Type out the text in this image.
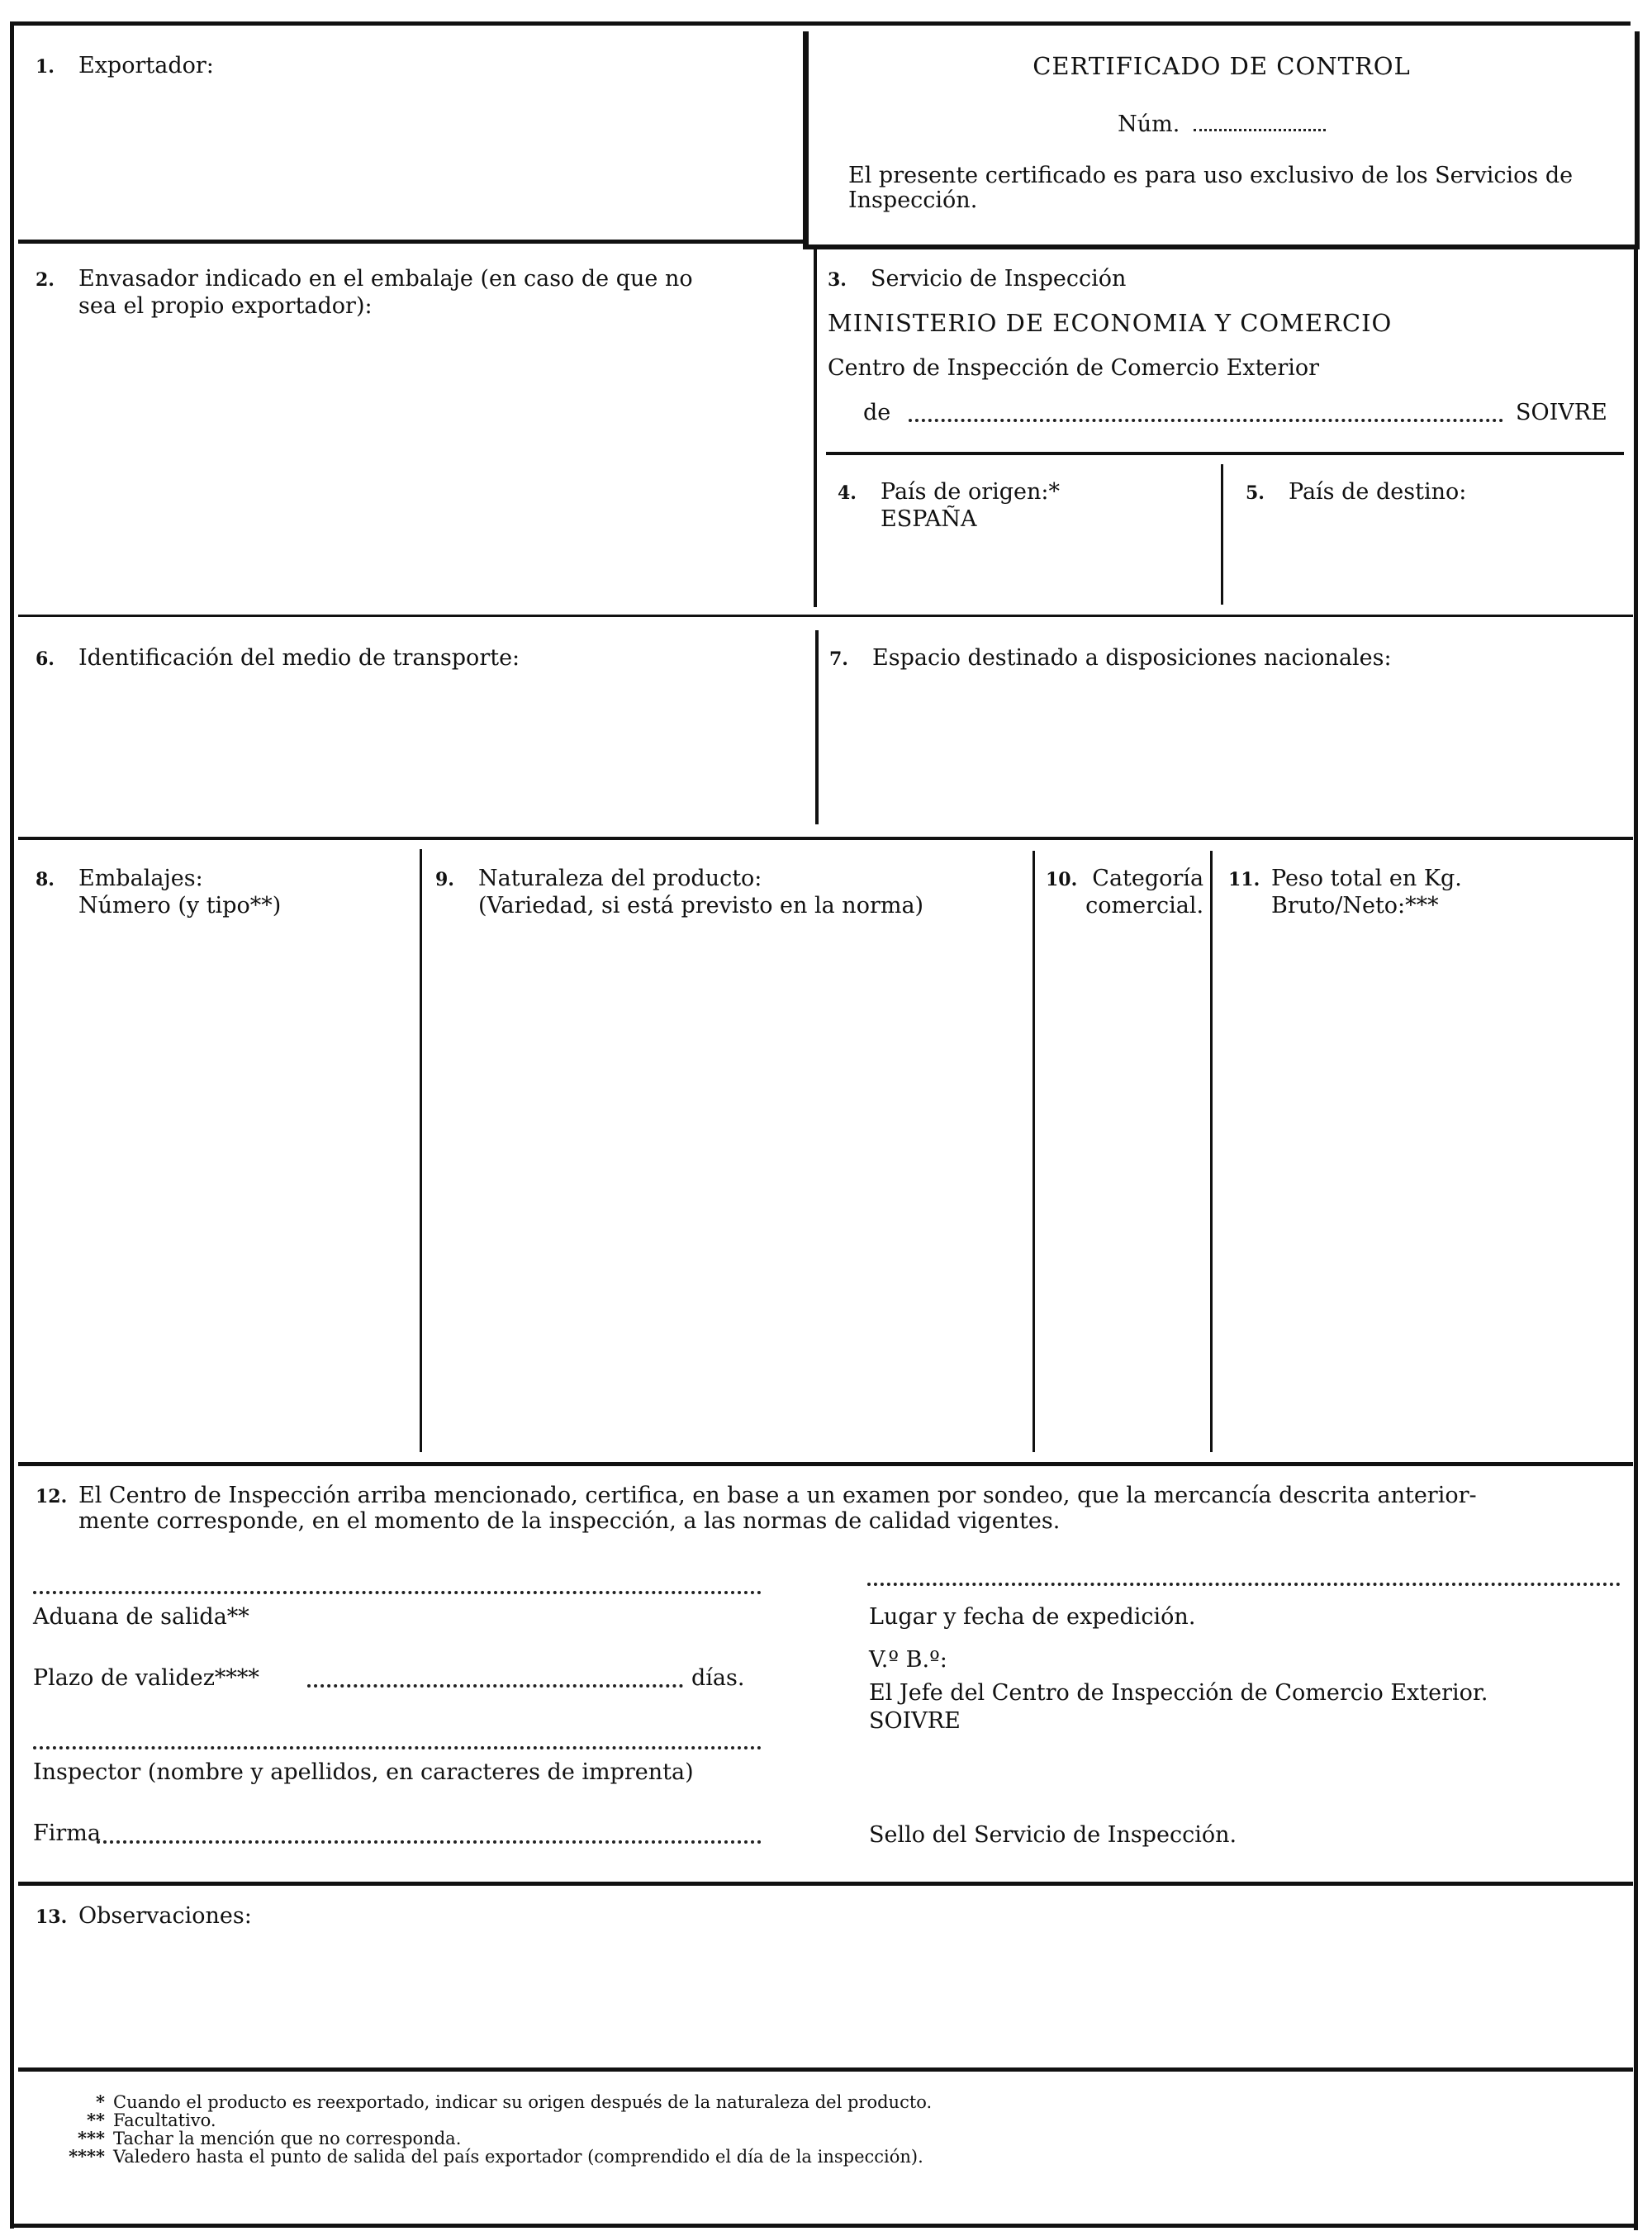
1. Exportador:	CERTIFICADO DE CONTROL
Núm.
El presente certificado es para uso exclusivo de los Servicios de Inspección.
2. Envasador indicado en el embalaje (en caso de que no
sea el propio exportador):
3. Servicio de Inspección
MINISTERIO DE ECONOMIA Y COMERCIO
Centro de Inspección de Comercio Exterior
de	SOIVRE
4. País de origen:*
ESPAÑA
5. País de destino:
6. Identificación del medio de transporte:	7. Espacio destinado a disposiciones nacionales:
8. Embalajes:
Número (y tipo**)
9. Naturaleza del producto:
(Variedad, si está previsto en la norma)
10. Categoría
comercial.
11. Peso total en Kg.
Bruto/Neto:***
12. El Centro de Inspección arriba mencionado, certifica, en base a un examen por sondeo, que la mercancía descrita anterior-
mente corresponde, en el momento de la inspección, a las normas de calidad vigentes.
Aduana de salida**
Plazo de validez****	días.
Inspector (nombre y apellidos, en caracteres de imprenta)
Firma
Lugar y fecha de expedición.
V.º B.º:
El Jefe del Centro de Inspección de Comercio Exterior.
SOIVRE
Sello del Servicio de Inspección.
13. Observaciones:
* Cuando el producto es reexportado, indicar su origen después de la naturaleza del producto.
** Facultativo.
*** Tachar la mención que no corresponda.
**** Valedero hasta el punto de salida del país exportador (comprendido el día de la inspección).
